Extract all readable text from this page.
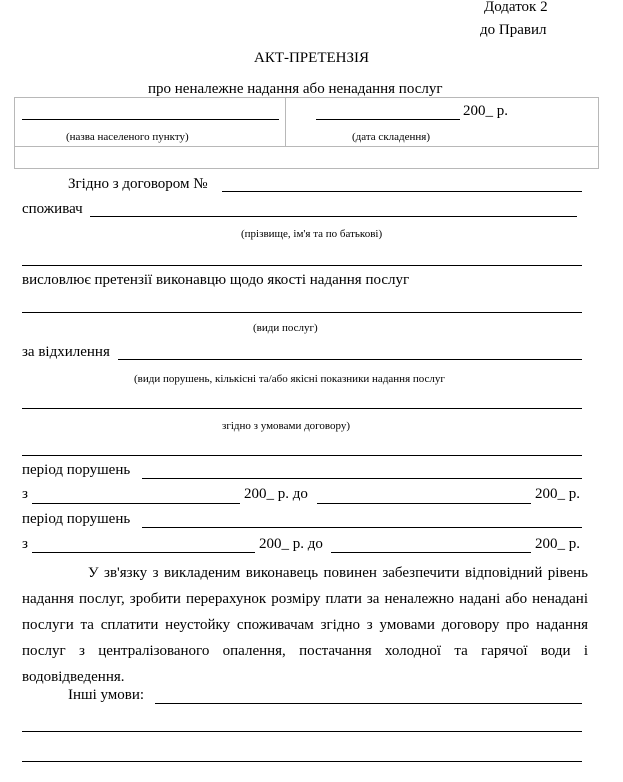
Додаток 2
до Правил
АКТ-ПРЕТЕНЗІЯ
про неналежне надання або ненадання послуг
200_ р.
(назва населеного пункту)	(дата складення)
Згідно з договором №
споживач
(прізвище, ім'я та по батькові)
висловлює претензії виконавцю щодо якості надання послуг
(види послуг)
за відхилення
(види порушень, кількісні та/або якісні показники надання послуг
згідно з умовами договору)
період порушень
з	200_ р. до	200_ р.
період порушень
з	200_ р. до	200_ р.
У зв'язку з викладеним виконавець повинен забезпечити відповідний рівень надання послуг, зробити перерахунок розміру плати за неналежно надані або ненадані послуги та сплатити неустойку споживачам згідно з умовами договору про надання послуг з централізованого опалення, постачання холодної та гарячої води і водовідведення.
Інші умови:
